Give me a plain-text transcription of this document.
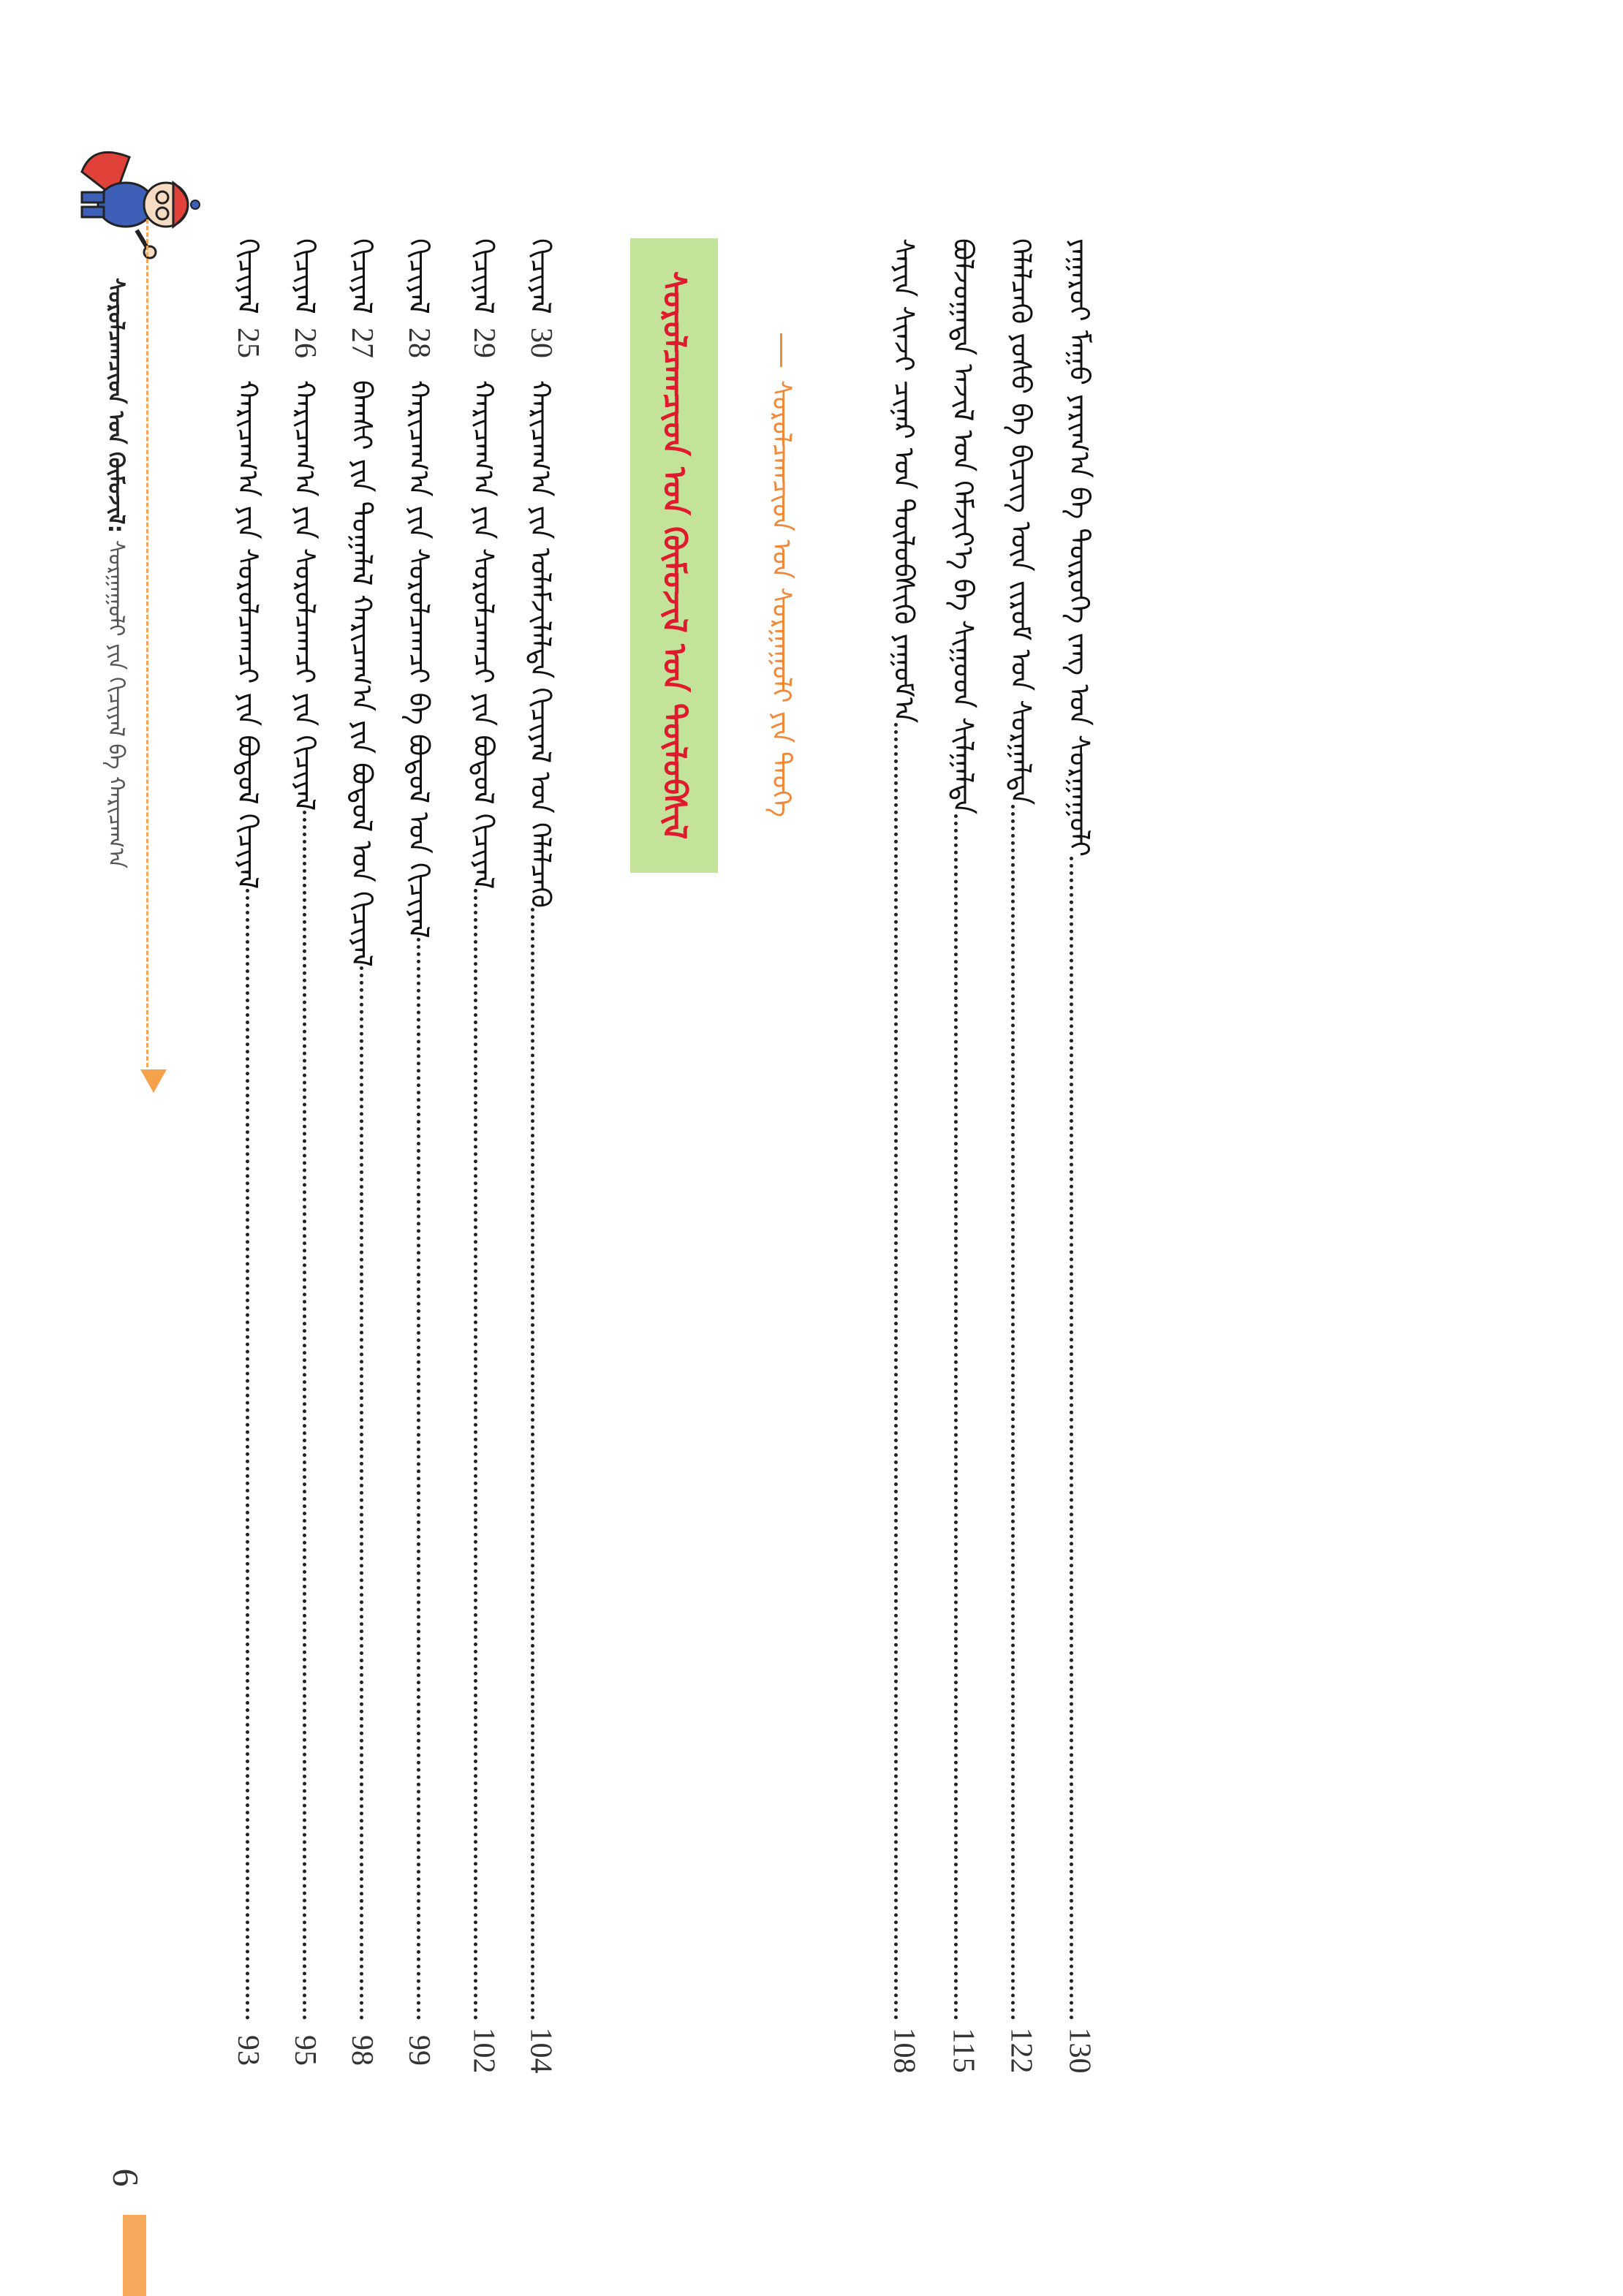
ᠶᠠᠭᠠᠷᠤᠢ ᠮᠠᠭᠤ ᠶᠠᠷᠢᠭ᠎ᠠ ᠪᠠ ᠲᠥᠷᠦᠬᠡ ᠵᠠᠩ ᠤᠨ ᠰᠤᠷᠭᠠᠭᠤᠯᠢ
130
ᠬᠡᠯᠡᠯᠴᠡᠬᠦ ᠶᠣᠰᠣ ᠪᠠ ᠪᠢᠴᠢᠭ᠌ ᠦᠨ ᠵᠢᠷᠤᠮ ᠤᠨ ᠰᠤᠷᠭᠠᠯᠲᠠ
122
ᠪᠣᠯᠵᠣᠭᠠᠲᠠ ᠠᠵᠢᠯ ᠤᠨ ᠬᠡᠮᠵᠢᠶ᠎ᠡ ᠪᠠ ᠰᠢᠭᠤᠳ ᠰᠢᠯᠭᠠᠯᠲᠠ
115
ᠰᠠᠶᠢᠨ ᠰᠢᠨᠵᠢ ᠴᠢᠨᠠᠷ ᠤᠨ ᠲᠥᠯᠦᠪᠰᠢᠬᠦ ᠶᠠᠭᠤᠮ᠎ᠠ
108
ᠰᠤᠷᠤᠯᠴᠠᠭᠴᠢᠳ ᠤᠨ ᠰᠤᠷᠭᠠᠭᠤᠯᠢ ᠶᠢᠨ ᠲᠡᠦᠬᠡ
ᠰᠤᠷᠤᠯᠴᠠᠭᠴᠢᠳ ᠤᠨ ᠬᠥᠮᠦᠵᠢᠯ ᠤᠨ ᠲᠥᠯᠦᠪᠰᠢᠯ
ᠬᠢᠴᠢᠶᠡᠯ
30
ᠬᠠᠷᠢᠴᠠᠭ᠎ᠠ ᠶᠢᠨ ᠤᠯᠠᠮᠵᠢᠯᠠᠯᠲᠠ ᠬᠢᠴᠢᠶᠡᠯ ᠤᠨ ᠬᠡᠯᠡᠯᠴᠡᠬᠦ
104
ᠬᠢᠴᠢᠶᠡᠯ
29
ᠬᠠᠷᠢᠴᠠᠭ᠎ᠠ ᠶᠢᠨ ᠰᠤᠷᠤᠯᠴᠠᠭᠴᠢ ᠶᠢᠨ ᠪᠣᠳᠣᠯ ᠬᠢᠴᠢᠶᠡᠯ
102
ᠬᠢᠴᠢᠶᠡᠯ
28
ᠬᠠᠷᠢᠴᠠᠭ᠎ᠠ ᠶᠢᠨ ᠰᠤᠷᠤᠯᠴᠠᠭᠴᠢ ᠪᠠ ᠪᠣᠳᠣᠯ ᠤᠨ ᠬᠢᠴᠢᠶᠡᠯ
99
ᠬᠢᠴᠢᠶᠡᠯ
27
ᠪᠠᠭᠰᠢ ᠶᠢᠨ ᠲᠣᠭᠠᠯᠠᠯ ᠬᠠᠷᠢᠴᠠᠭ᠎ᠠ ᠶᠢᠨ ᠪᠣᠳᠣᠯ ᠤᠨ ᠬᠢᠴᠢᠶᠡᠯ
98
ᠬᠢᠴᠢᠶᠡᠯ
26
ᠬᠠᠷᠢᠴᠠᠭ᠎ᠠ ᠶᠢᠨ ᠰᠤᠷᠤᠯᠴᠠᠭᠴᠢ ᠶᠢᠨ ᠬᠢᠴᠢᠶᠡᠯ
95
ᠬᠢᠴᠢᠶᠡᠯ
25
ᠬᠠᠷᠢᠴᠠᠭ᠎ᠠ ᠶᠢᠨ ᠰᠤᠷᠤᠯᠴᠠᠭᠴᠢ ᠶᠢᠨ ᠪᠣᠳᠣᠯ ᠬᠢᠴᠢᠶᠡᠯ
93
ᠰᠤᠷᠤᠯᠴᠠᠭᠴᠢᠳ ᠤᠨ ᠬᠥᠮᠦᠵᠢᠯ: ᠰᠤᠷᠭᠠᠭᠤᠯᠢ ᠶᠢᠨ ᠬᠢᠴᠢᠶᠡᠯ ᠪᠠ ᠬᠠᠷᠢᠴᠠᠭ᠎ᠠ
6
